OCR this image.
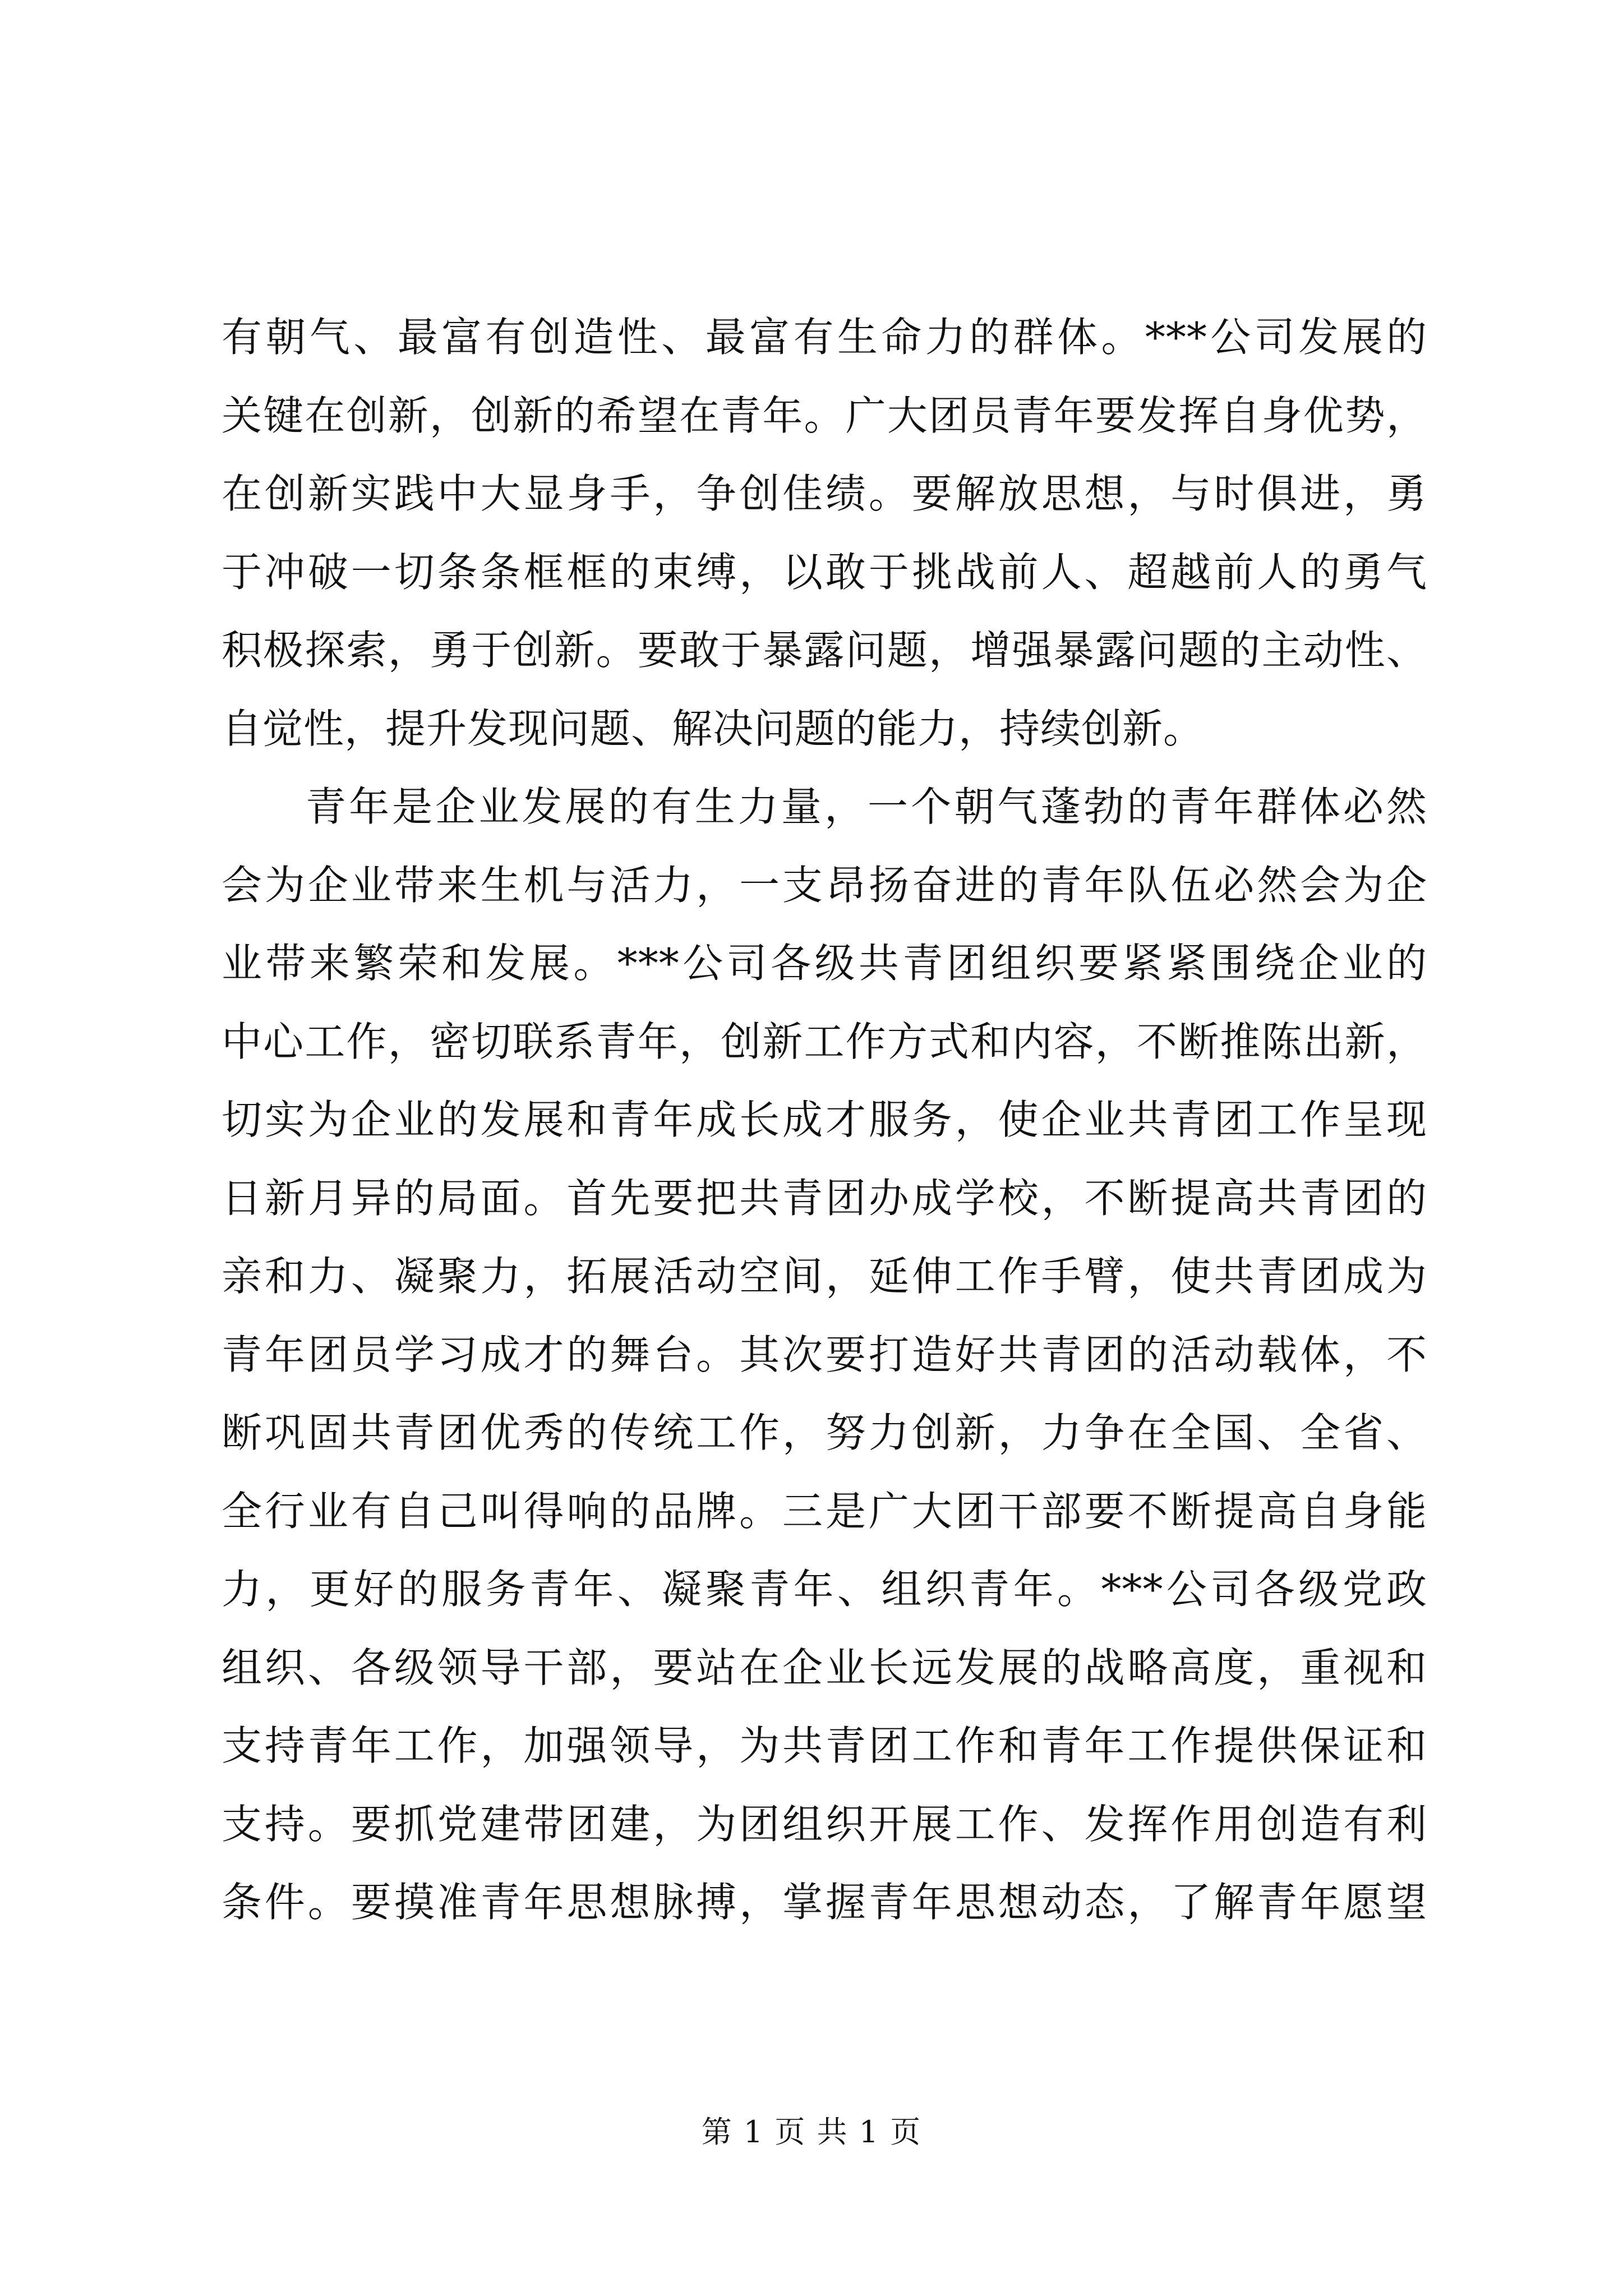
有朝气、最富有创造性、最富有生命力的群体。***公司发展的
关键在创新，创新的希望在青年。广大团员青年要发挥自身优势，
在创新实践中大显身手，争创佳绩。要解放思想，与时俱进，勇
于冲破一切条条框框的束缚，以敢于挑战前人、超越前人的勇气
积极探索，勇于创新。要敢于暴露问题，增强暴露问题的主动性、
自觉性，提升发现问题、解决问题的能力，持续创新。
青年是企业发展的有生力量，一个朝气蓬勃的青年群体必然
会为企业带来生机与活力，一支昂扬奋进的青年队伍必然会为企
业带来繁荣和发展。***公司各级共青团组织要紧紧围绕企业的
中心工作，密切联系青年，创新工作方式和内容，不断推陈出新，
切实为企业的发展和青年成长成才服务，使企业共青团工作呈现
日新月异的局面。首先要把共青团办成学校，不断提高共青团的
亲和力、凝聚力，拓展活动空间，延伸工作手臂，使共青团成为
青年团员学习成才的舞台。其次要打造好共青团的活动载体，不
断巩固共青团优秀的传统工作，努力创新，力争在全国、全省、
全行业有自己叫得响的品牌。三是广大团干部要不断提高自身能
力，更好的服务青年、凝聚青年、组织青年。***公司各级党政
组织、各级领导干部，要站在企业长远发展的战略高度，重视和
支持青年工作，加强领导，为共青团工作和青年工作提供保证和
支持。要抓党建带团建，为团组织开展工作、发挥作用创造有利
条件。要摸准青年思想脉搏，掌握青年思想动态，了解青年愿望
第 1 页 共 1 页
